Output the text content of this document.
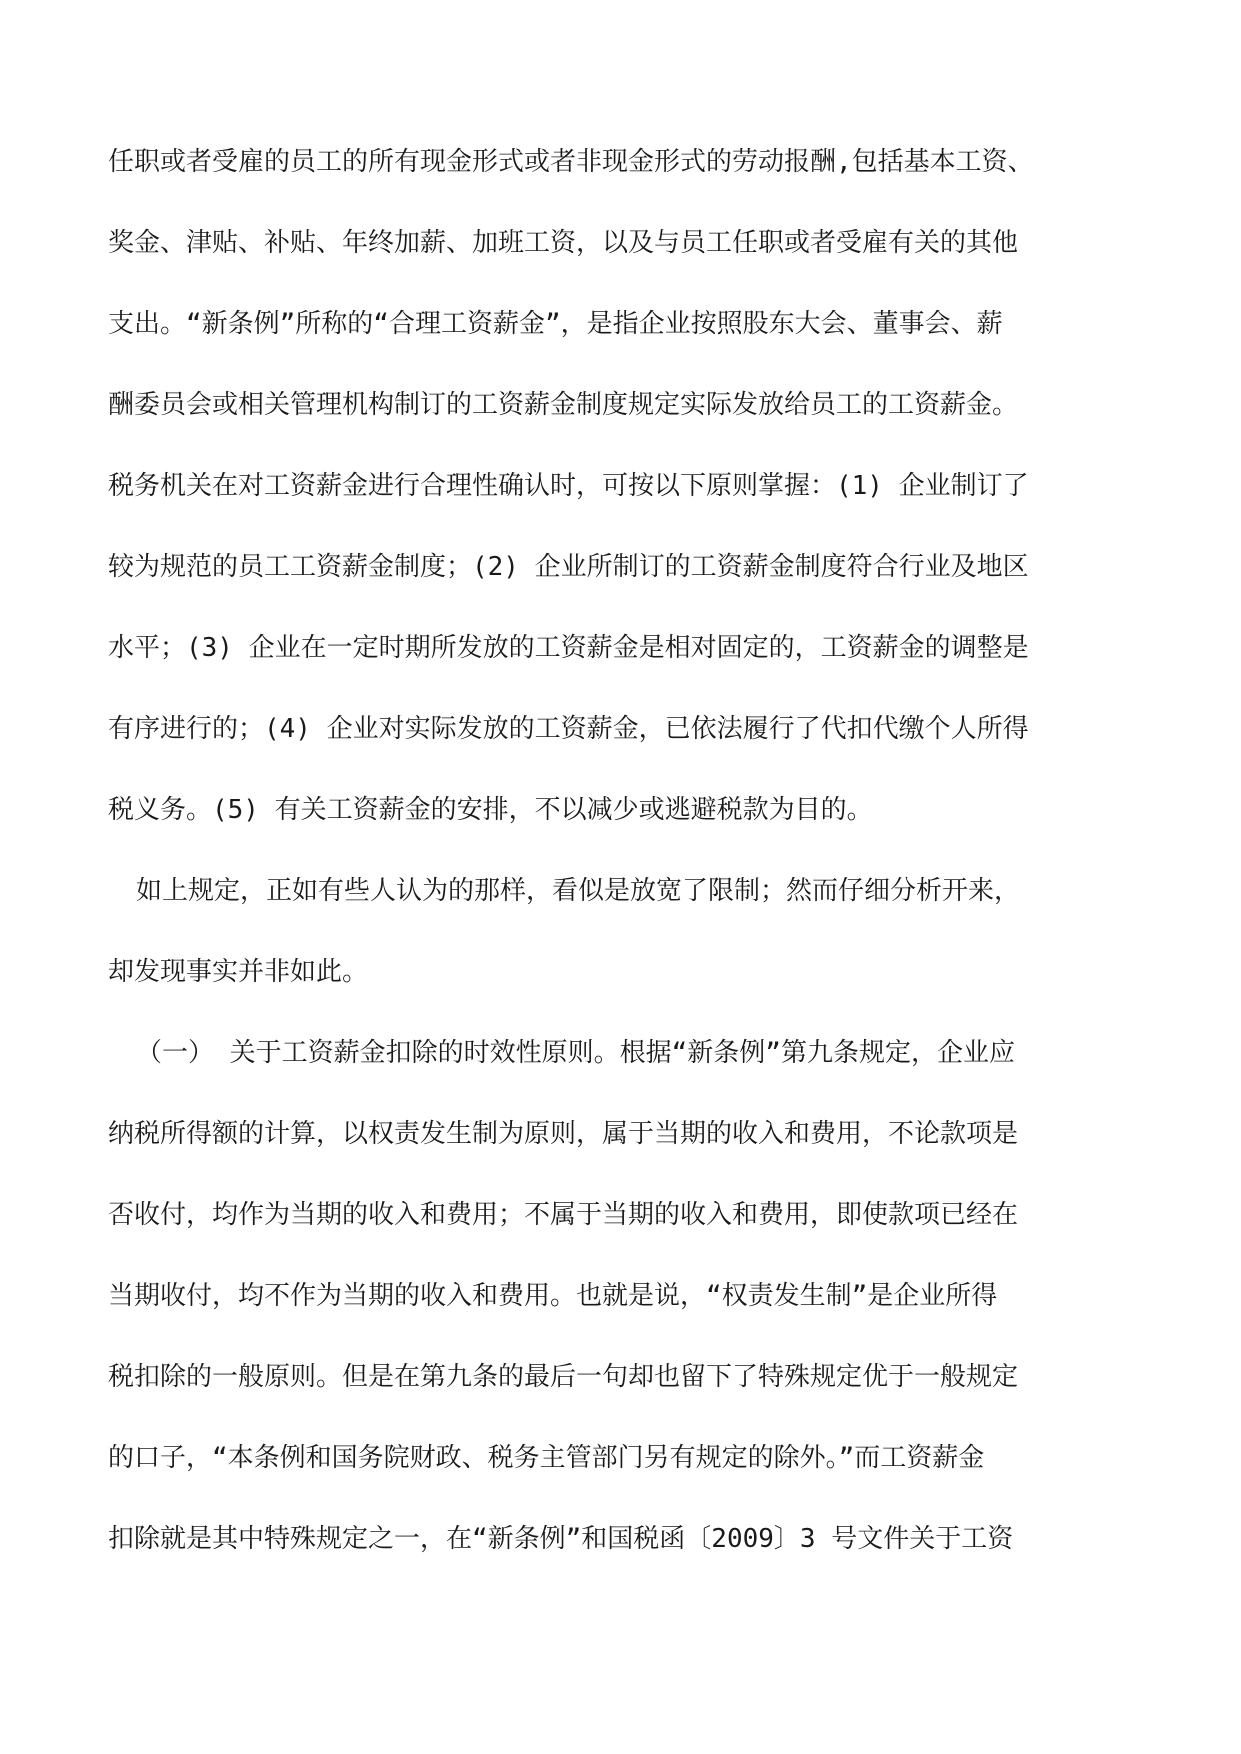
任职或者受雇的员工的所有现金形式或者非现金形式的劳动报酬,包括基本工资、
奖金、津贴、补贴、年终加薪、加班工资，以及与员工任职或者受雇有关的其他
支出。“新条例”所称的“合理工资薪金”，是指企业按照股东大会、董事会、薪
酬委员会或相关管理机构制订的工资薪金制度规定实际发放给员工的工资薪金。
税务机关在对工资薪金进行合理性确认时，可按以下原则掌握：(1) 企业制订了
较为规范的员工工资薪金制度；(2) 企业所制订的工资薪金制度符合行业及地区
水平；(3) 企业在一定时期所发放的工资薪金是相对固定的，工资薪金的调整是
有序进行的；(4) 企业对实际发放的工资薪金，已依法履行了代扣代缴个人所得
税义务。(5) 有关工资薪金的安排，不以减少或逃避税款为目的。
如上规定，正如有些人认为的那样，看似是放宽了限制；然而仔细分析开来，
却发现事实并非如此。
（一） 关于工资薪金扣除的时效性原则。根据“新条例”第九条规定，企业应
纳税所得额的计算，以权责发生制为原则，属于当期的收入和费用，不论款项是
否收付，均作为当期的收入和费用；不属于当期的收入和费用，即使款项已经在
当期收付，均不作为当期的收入和费用。也就是说，“权责发生制”是企业所得
税扣除的一般原则。但是在第九条的最后一句却也留下了特殊规定优于一般规定
的口子，“本条例和国务院财政、税务主管部门另有规定的除外。”而工资薪金
扣除就是其中特殊规定之一，在“新条例”和国税函〔2009〕3 号文件关于工资
